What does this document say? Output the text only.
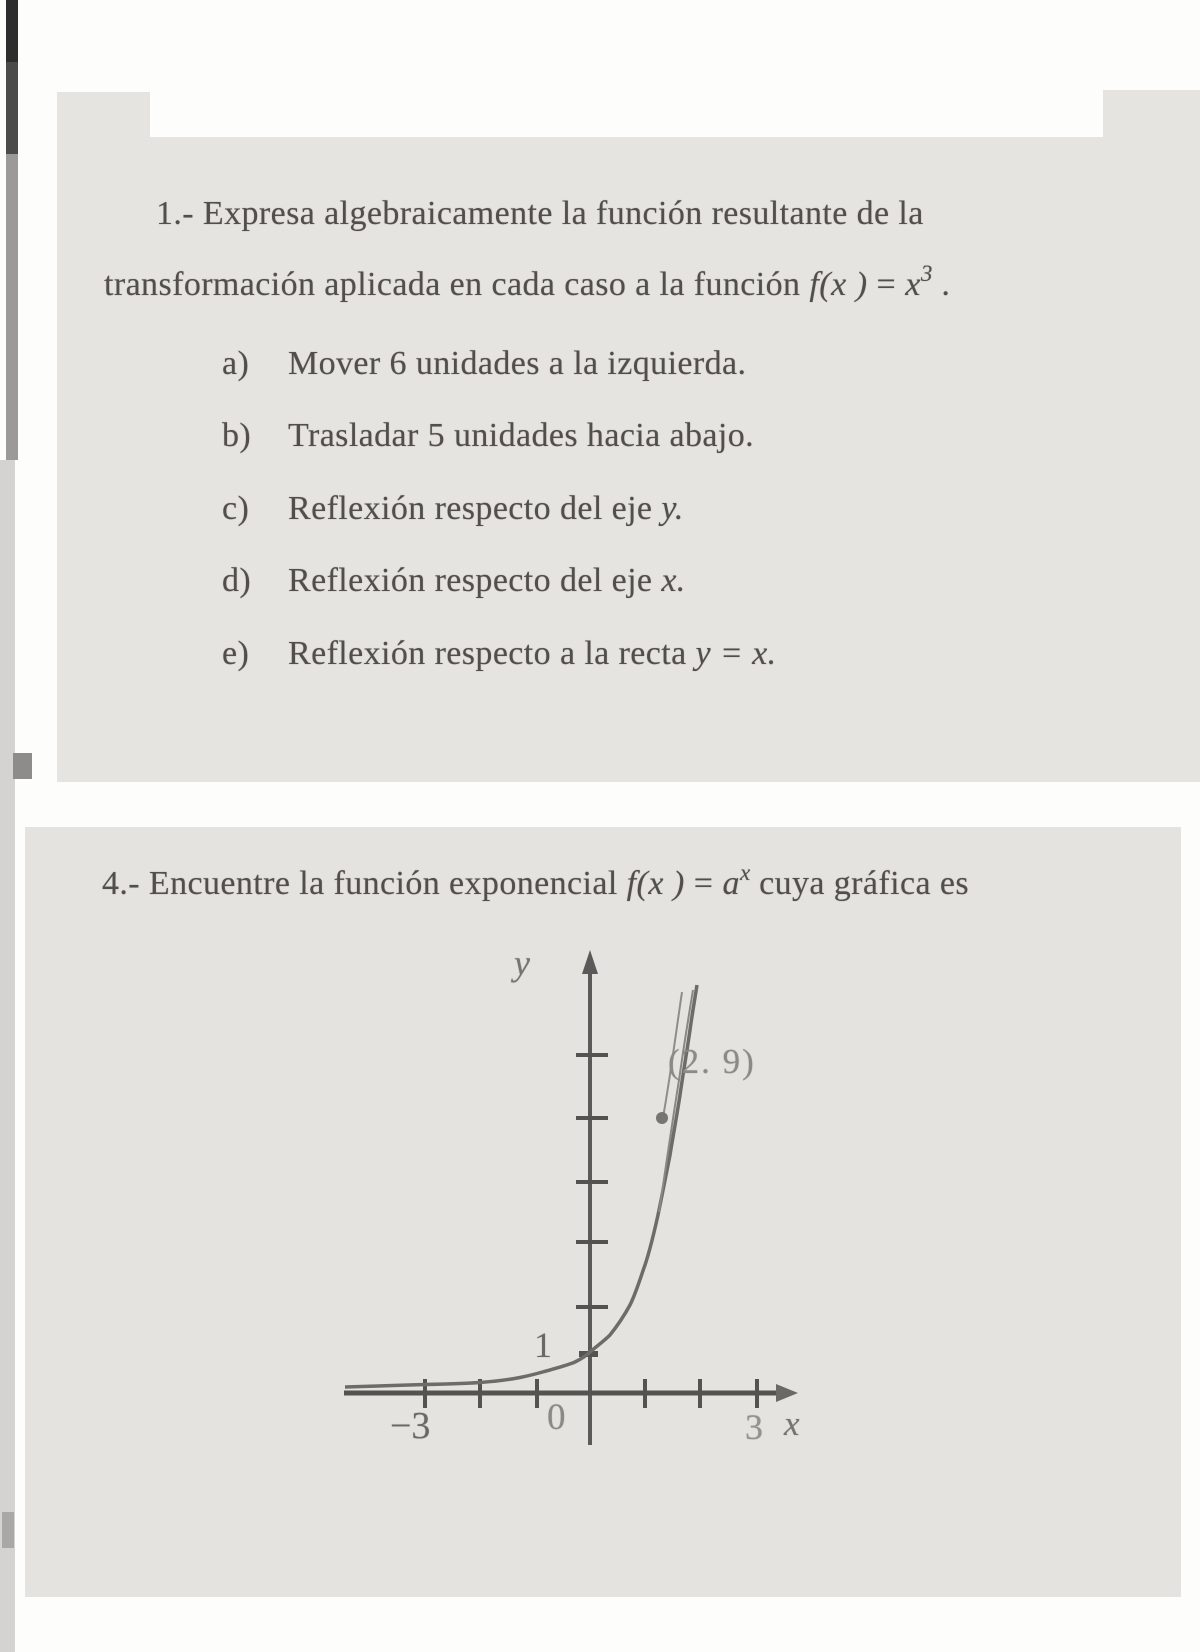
1.- Expresa algebraicamente la función resultante de la
transformación aplicada en cada caso a la función f(x ) = $x^3$ .
a)	Mover 6 unidades a la izquierda.
b)	Trasladar 5 unidades hacia abajo.
c)	Reflexión respecto del eje y.
d)	Reflexión respecto del eje x.
e)	Reflexión respecto a la recta y = x.
4.- Encuentre la función exponencial f(x ) = $a^x$ cuya gráfica es
y
(2. 9)
1
0
−3	3 x
